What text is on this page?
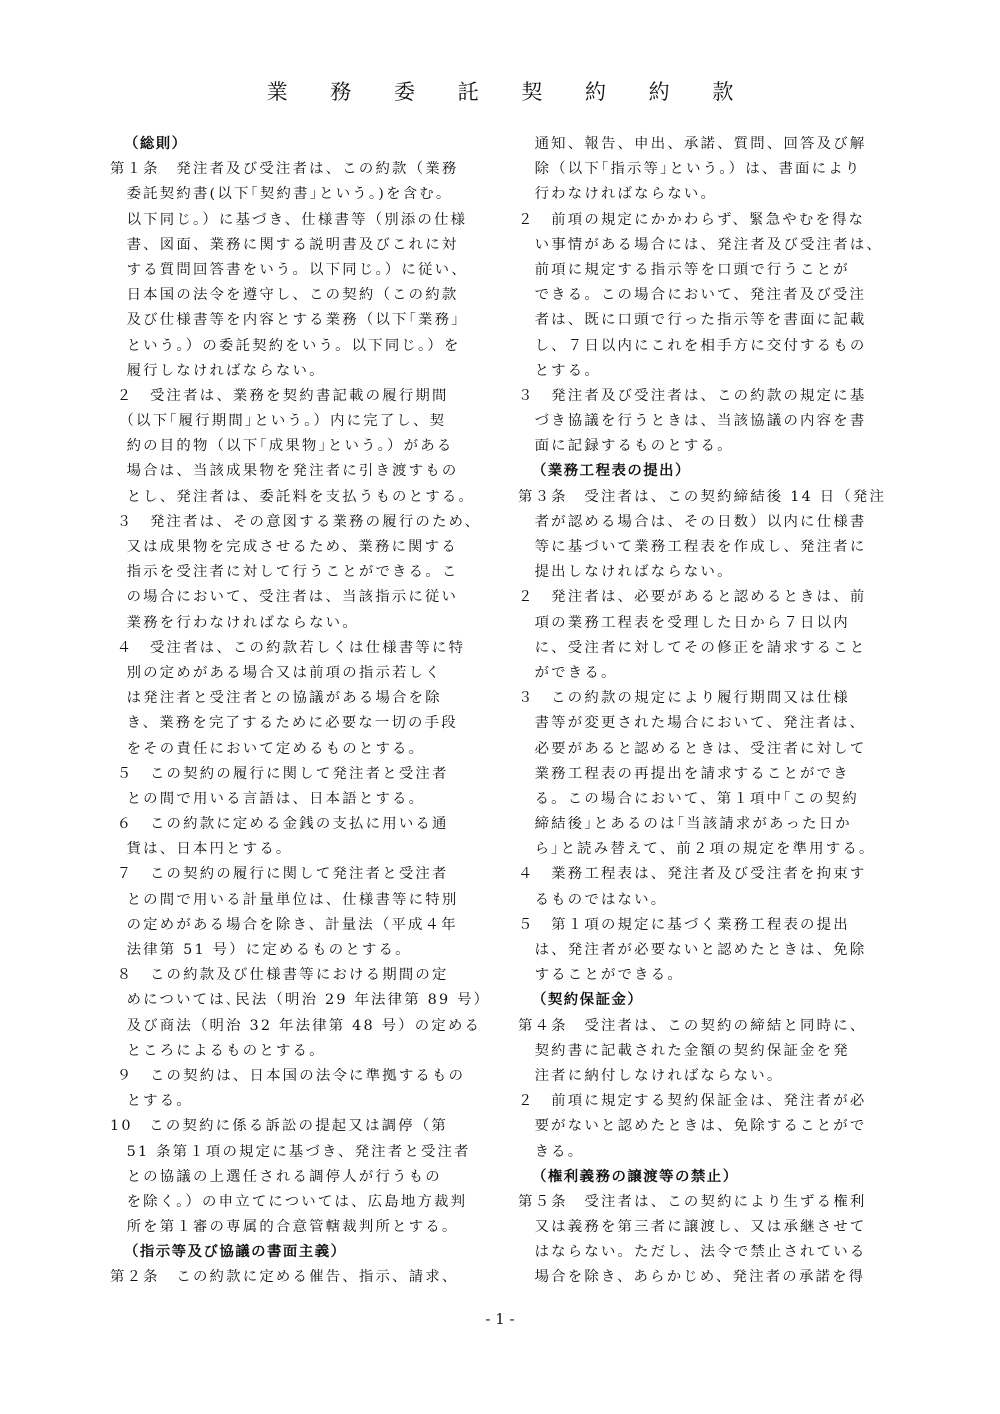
業 務 委 託 契 約 約 款
（総則）
第１条　発注者及び受注者は、この約款（業務
　委託契約書(以下｢契約書｣という｡)を含む。
　以下同じ。）に基づき、仕様書等（別添の仕様
　書、図面、業務に関する説明書及びこれに対
　する質問回答書をいう。以下同じ。）に従い、
　日本国の法令を遵守し、この契約（この約款
　及び仕様書等を内容とする業務（以下｢業務｣
　という。）の委託契約をいう。以下同じ。）を
　履行しなければならない。
２　受注者は、業務を契約書記載の履行期間
　（以下｢履行期間｣という。）内に完了し、契
　約の目的物（以下｢成果物｣という。）がある
　場合は、当該成果物を発注者に引き渡すもの
　とし、発注者は、委託料を支払うものとする。
３　発注者は、その意図する業務の履行のため、
　又は成果物を完成させるため、業務に関する
　指示を受注者に対して行うことができる。こ
　の場合において、受注者は、当該指示に従い
　業務を行わなければならない。
４　受注者は、この約款若しくは仕様書等に特
　別の定めがある場合又は前項の指示若しく
　は発注者と受注者との協議がある場合を除
　き、業務を完了するために必要な一切の手段
　をその責任において定めるものとする。
５　この契約の履行に関して発注者と受注者
　との間で用いる言語は、日本語とする。
６　この約款に定める金銭の支払に用いる通
　貨は、日本円とする。
７　この契約の履行に関して発注者と受注者
　との間で用いる計量単位は、仕様書等に特別
　の定めがある場合を除き、計量法（平成４年
　法律第 51 号）に定めるものとする。
８　この約款及び仕様書等における期間の定
　めについては､民法（明治 29 年法律第 89 号）
　及び商法（明治 32 年法律第 48 号）の定める
　ところによるものとする。
９　この契約は、日本国の法令に準拠するもの
　とする。
10　この契約に係る訴訟の提起又は調停（第
　51 条第１項の規定に基づき、発注者と受注者
　との協議の上選任される調停人が行うもの
　を除く。）の申立てについては、広島地方裁判
　所を第１審の専属的合意管轄裁判所とする。
（指示等及び協議の書面主義）
第２条　この約款に定める催告、指示、請求、
　通知、報告、申出、承諾、質問、回答及び解
　除（以下｢指示等｣という。）は、書面により
　行わなければならない。
２　前項の規定にかかわらず、緊急やむを得な
　い事情がある場合には、発注者及び受注者は、
　前項に規定する指示等を口頭で行うことが
　できる。この場合において、発注者及び受注
　者は、既に口頭で行った指示等を書面に記載
　し、７日以内にこれを相手方に交付するもの
　とする。
３　発注者及び受注者は、この約款の規定に基
　づき協議を行うときは、当該協議の内容を書
　面に記録するものとする。
（業務工程表の提出）
第３条　受注者は、この契約締結後 14 日（発注
　者が認める場合は、その日数）以内に仕様書
　等に基づいて業務工程表を作成し、発注者に
　提出しなければならない。
２　発注者は、必要があると認めるときは、前
　項の業務工程表を受理した日から７日以内
　に、受注者に対してその修正を請求すること
　ができる。
３　この約款の規定により履行期間又は仕様
　書等が変更された場合において、発注者は、
　必要があると認めるときは、受注者に対して
　業務工程表の再提出を請求することができ
　る。この場合において、第１項中｢この契約
　締結後｣とあるのは｢当該請求があった日か
　ら｣と読み替えて、前２項の規定を準用する。
４　業務工程表は、発注者及び受注者を拘束す
　るものではない。
５　第１項の規定に基づく業務工程表の提出
　は、発注者が必要ないと認めたときは、免除
　することができる。
（契約保証金）
第４条　受注者は、この契約の締結と同時に、
　契約書に記載された金額の契約保証金を発
　注者に納付しなければならない。
２　前項に規定する契約保証金は、発注者が必
　要がないと認めたときは、免除することがで
　きる。
（権利義務の譲渡等の禁止）
第５条　受注者は、この契約により生ずる権利
　又は義務を第三者に譲渡し、又は承継させて
　はならない。ただし、法令で禁止されている
　場合を除き、あらかじめ、発注者の承諾を得
- 1 -
